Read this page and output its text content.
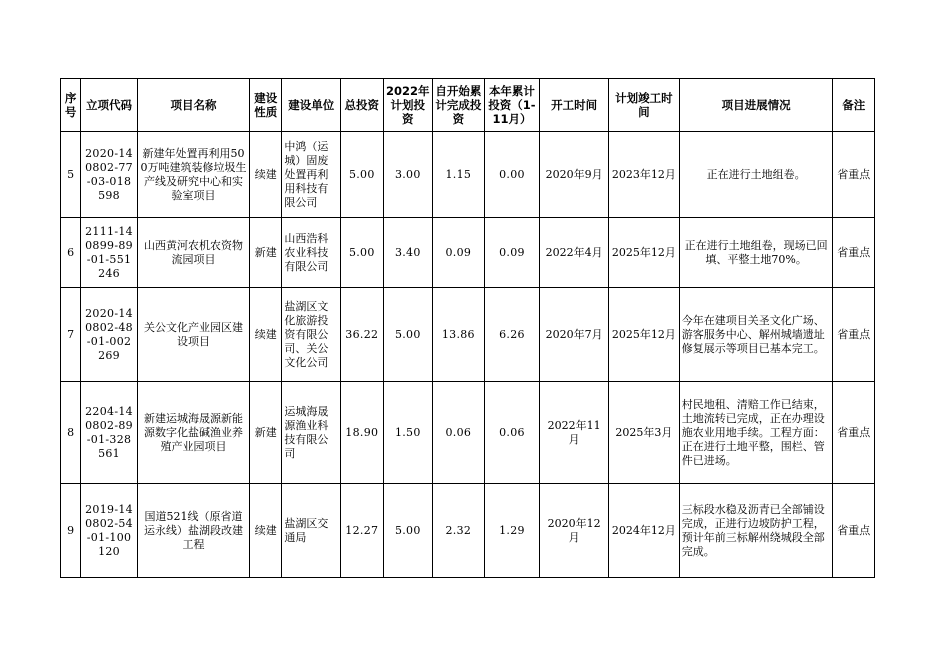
序号	立项代码	项目名称	建设性质	建设单位	总投资	2022年计划投资	自开始累计完成投资	本年累计投资（1-11月）	开工时间	计划竣工时间	项目进展情况	备注
5	2020-140802-77-03-018598	新建年处置再利用500万吨建筑装修垃圾生产线及研究中心和实验室项目	续建	中鸿（运城）固废处置再利用科技有限公司	5.00	3.00	1.15	0.00	2020年9月	2023年12月	正在进行土地组卷。	省重点
6	2111-140899-89-01-551246	山西黄河农机农资物流园项目	新建	山西浩科农业科技有限公司	5.00	3.40	0.09	0.09	2022年4月	2025年12月	正在进行土地组卷，现场已回填、平整土地70%。	省重点
7	2020-140802-48-01-002269	关公文化产业园区建设项目	续建	盐湖区文化旅游投资有限公司、关公文化公司	36.22	5.00	13.86	6.26	2020年7月	2025年12月	今年在建项目关圣文化广场、游客服务中心、解州城墙遗址修复展示等项目已基本完工。	省重点
8	2204-140802-89-01-328561	新建运城海晟源新能源数字化盐碱渔业养殖产业园项目	新建	运城海晟源渔业科技有限公司	18.90	1.50	0.06	0.06	2022年11月	2025年3月	村民地租、清赔工作已结束，土地流转已完成，正在办理设施农业用地手续。工程方面：正在进行土地平整，围栏、管件已进场。	省重点
9	2019-140802-54-01-100120	国道521线（原省道运永线）盐湖段改建工程	续建	盐湖区交通局	12.27	5.00	2.32	1.29	2020年12月	2024年12月	三标段水稳及沥青已全部铺设完成，正进行边坡防护工程，预计年前三标解州绕城段全部完成。	省重点
